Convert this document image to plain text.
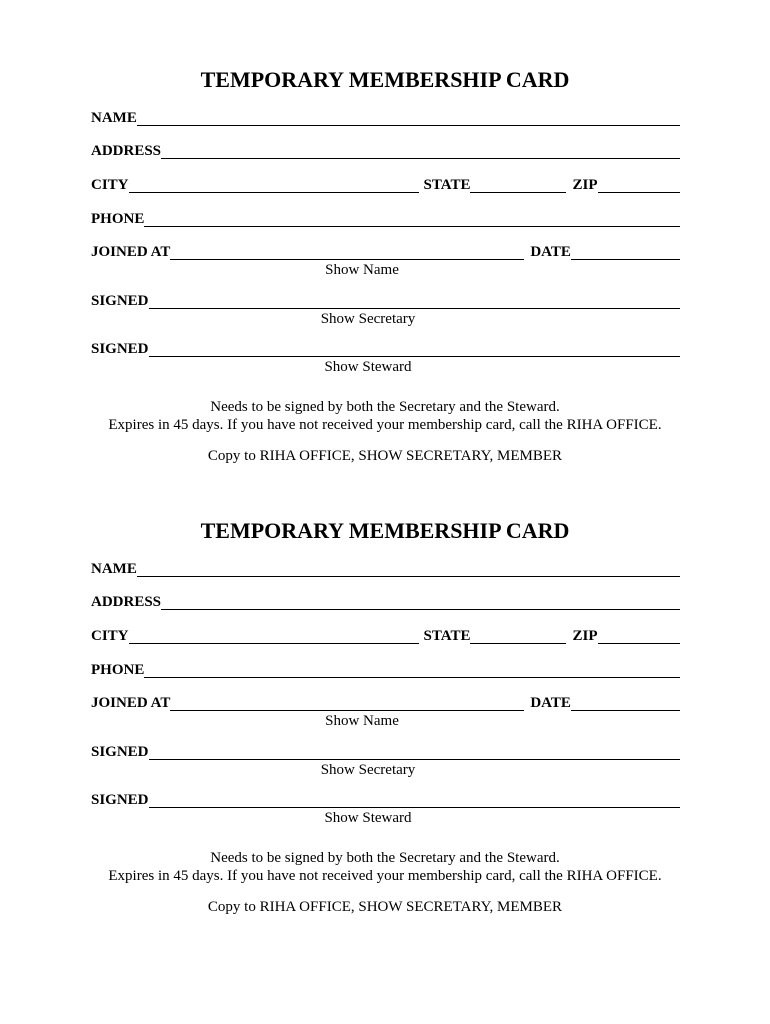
TEMPORARY MEMBERSHIP CARD
NAME
ADDRESS
CITY	STATE	ZIP
PHONE
JOINED AT	DATE
Show Name
SIGNED
Show Secretary
SIGNED
Show Steward
Needs to be signed by both the Secretary and the Steward.
Expires in 45 days. If you have not received your membership card, call the RIHA OFFICE.
Copy to RIHA OFFICE, SHOW SECRETARY, MEMBER
TEMPORARY MEMBERSHIP CARD
NAME
ADDRESS
CITY	STATE	ZIP
PHONE
JOINED AT	DATE
Show Name
SIGNED
Show Secretary
SIGNED
Show Steward
Needs to be signed by both the Secretary and the Steward.
Expires in 45 days. If you have not received your membership card, call the RIHA OFFICE.
Copy to RIHA OFFICE, SHOW SECRETARY, MEMBER
